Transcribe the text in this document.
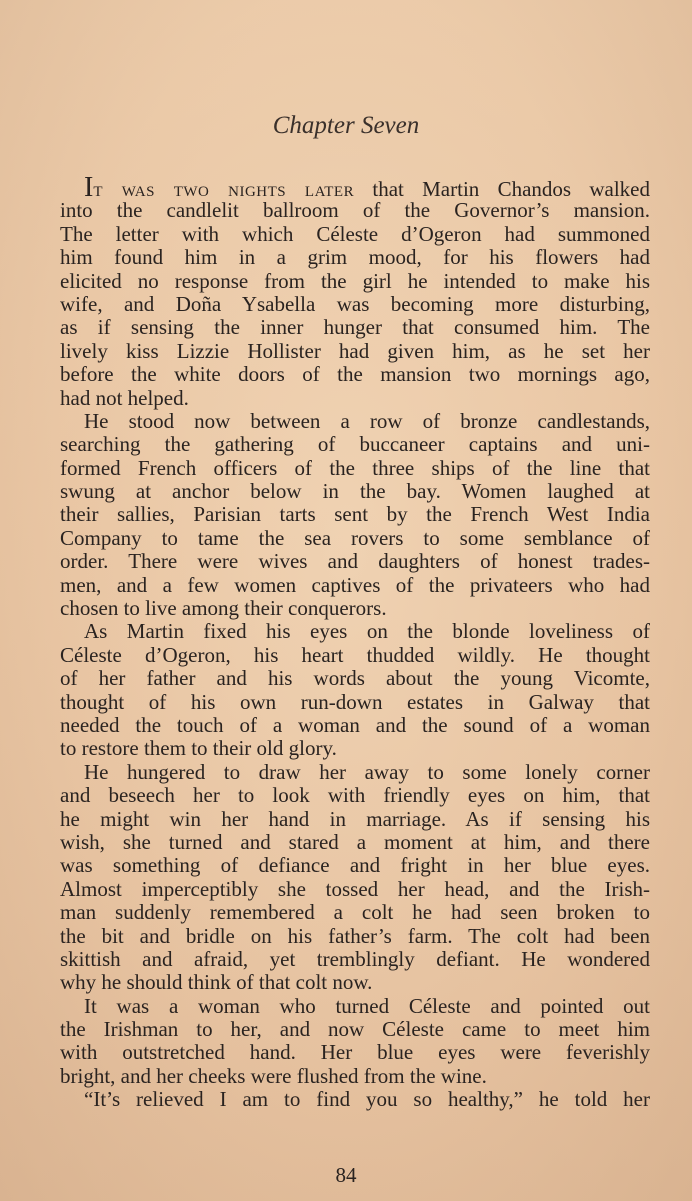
Chapter Seven
It was two nights later that Martin Chandos walked
into the candlelit ballroom of the Governor’s mansion.
The letter with which Céleste d’Ogeron had summoned
him found him in a grim mood, for his flowers had
elicited no response from the girl he intended to make his
wife, and Doña Ysabella was becoming more disturbing,
as if sensing the inner hunger that consumed him. The
lively kiss Lizzie Hollister had given him, as he set her
before the white doors of the mansion two mornings ago,
had not helped.
He stood now between a row of bronze candlestands,
searching the gathering of buccaneer captains and uni-
formed French officers of the three ships of the line that
swung at anchor below in the bay. Women laughed at
their sallies, Parisian tarts sent by the French West India
Company to tame the sea rovers to some semblance of
order. There were wives and daughters of honest trades-
men, and a few women captives of the privateers who had
chosen to live among their conquerors.
As Martin fixed his eyes on the blonde loveliness of
Céleste d’Ogeron, his heart thudded wildly. He thought
of her father and his words about the young Vicomte,
thought of his own run-down estates in Galway that
needed the touch of a woman and the sound of a woman
to restore them to their old glory.
He hungered to draw her away to some lonely corner
and beseech her to look with friendly eyes on him, that
he might win her hand in marriage. As if sensing his
wish, she turned and stared a moment at him, and there
was something of defiance and fright in her blue eyes.
Almost imperceptibly she tossed her head, and the Irish-
man suddenly remembered a colt he had seen broken to
the bit and bridle on his father’s farm. The colt had been
skittish and afraid, yet tremblingly defiant. He wondered
why he should think of that colt now.
It was a woman who turned Céleste and pointed out
the Irishman to her, and now Céleste came to meet him
with outstretched hand. Her blue eyes were feverishly
bright, and her cheeks were flushed from the wine.
“It’s relieved I am to find you so healthy,” he told her
84
